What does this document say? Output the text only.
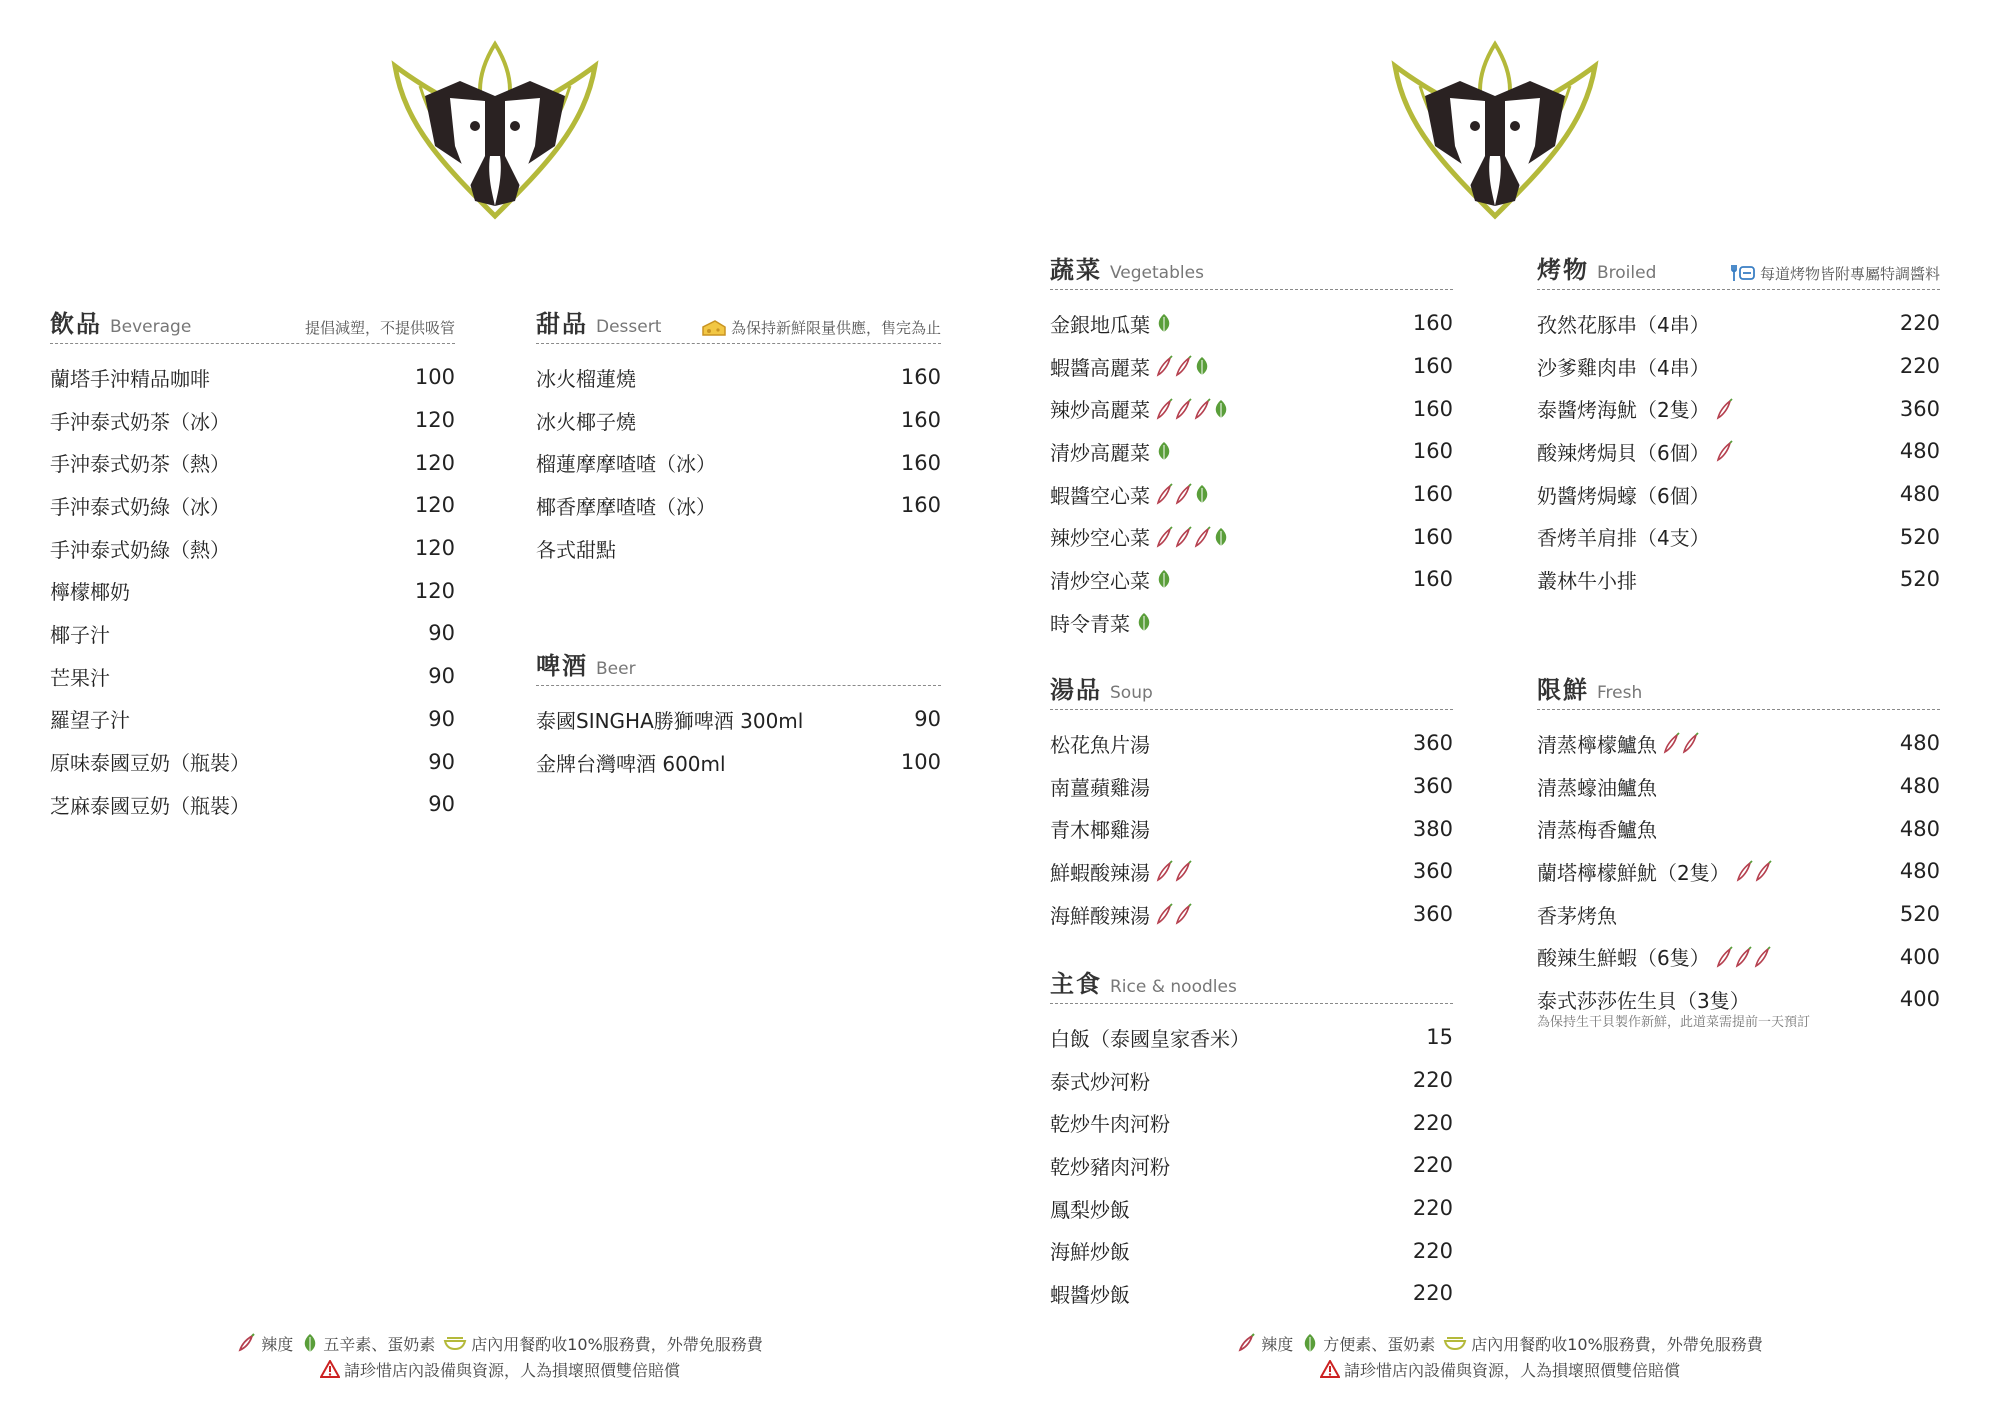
飲品 Beverage	提倡減塑，不提供吸管
蘭塔手沖精品咖啡	100
手沖泰式奶茶（冰）	120
手沖泰式奶茶（熱）	120
手沖泰式奶綠（冰）	120
手沖泰式奶綠（熱）	120
檸檬椰奶	120
椰子汁	90
芒果汁	90
羅望子汁	90
原味泰國豆奶（瓶裝）	90
芝麻泰國豆奶（瓶裝）	90
甜品 Dessert	為保持新鮮限量供應，售完為止
冰火榴蓮燒	160
冰火椰子燒	160
榴蓮摩摩喳喳（冰）	160
椰香摩摩喳喳（冰）	160
各式甜點
啤酒 Beer
泰國SINGHA勝獅啤酒 300ml	90
金牌台灣啤酒 600ml	100
蔬菜 Vegetables
金銀地瓜葉	160
蝦醬高麗菜	160
辣炒高麗菜	160
清炒高麗菜	160
蝦醬空心菜	160
辣炒空心菜	160
清炒空心菜	160
時令青菜
湯品 Soup
松花魚片湯	360
南薑蘋雞湯	360
青木椰雞湯	380
鮮蝦酸辣湯	360
海鮮酸辣湯	360
主食 Rice & noodles
白飯（泰國皇家香米）	15
泰式炒河粉	220
乾炒牛肉河粉	220
乾炒豬肉河粉	220
鳳梨炒飯	220
海鮮炒飯	220
蝦醬炒飯	220
烤物 Broiled	每道烤物皆附專屬特調醬料
孜然花豚串（4串）	220
沙爹雞肉串（4串）	220
泰醬烤海魷（2隻）	360
酸辣烤焗貝（6個）	480
奶醬烤焗蠔（6個）	480
香烤羊肩排（4支）	520
叢林牛小排	520
限鮮 Fresh
清蒸檸檬鱸魚	480
清蒸蠔油鱸魚	480
清蒸梅香鱸魚	480
蘭塔檸檬鮮魷（2隻）	480
香茅烤魚	520
酸辣生鮮蝦（6隻）	400
泰式莎莎佐生貝（3隻）	400
為保持生干貝製作新鮮，此道菜需提前一天預訂
辣度 五辛素、蛋奶素 店內用餐酌收10%服務費，外帶免服務費
請珍惜店內設備與資源，人為損壞照價雙倍賠償
辣度 方便素、蛋奶素 店內用餐酌收10%服務費，外帶免服務費
請珍惜店內設備與資源，人為損壞照價雙倍賠償
